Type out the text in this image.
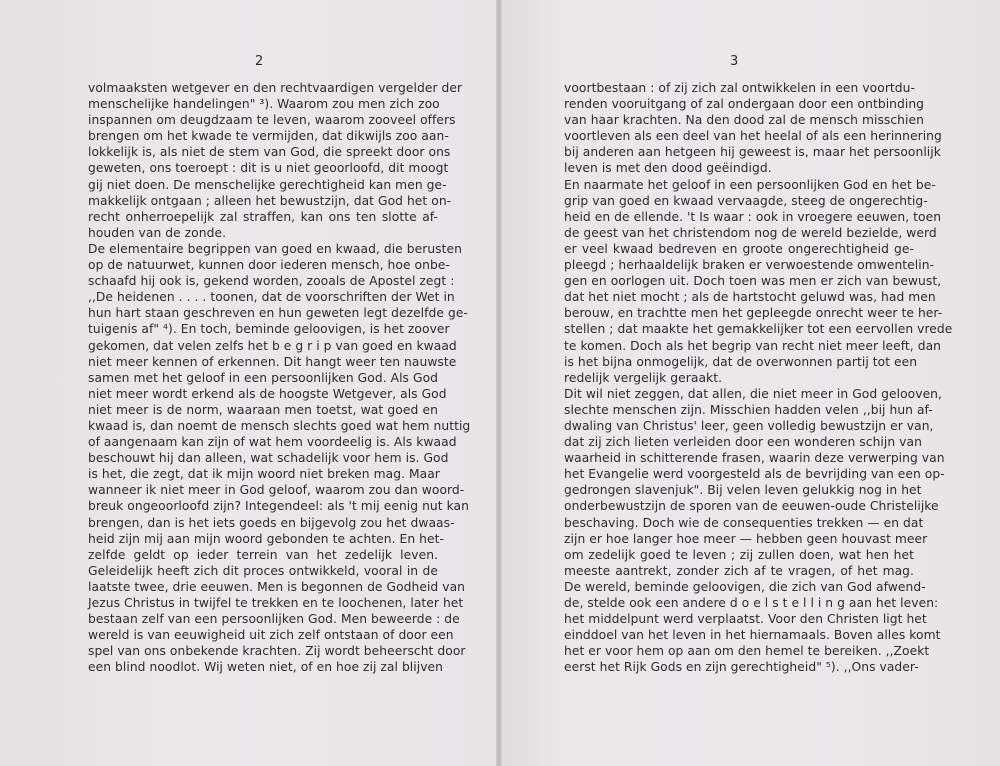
2
volmaaksten wetgever en den rechtvaardigen vergelder der
menschelijke handelingen" ³). Waarom zou men zich zoo
inspannen om deugdzaam te leven, waarom zooveel offers
brengen om het kwade te vermijden, dat dikwijls zoo aan-
lokkelijk is, als niet de stem van God, die spreekt door ons
geweten, ons toeroept : dit is u niet geoorloofd, dit moogt
gij niet doen. De menschelijke gerechtigheid kan men ge-
makkelijk ontgaan ; alleen het bewustzijn, dat God het on-
recht onherroepelijk zal straffen, kan ons ten slotte af-
houden van de zonde.
De elementaire begrippen van goed en kwaad, die berusten
op de natuurwet, kunnen door iederen mensch, hoe onbe-
schaafd hij ook is, gekend worden, zooals de Apostel zegt :
,,De heidenen . . . . toonen, dat de voorschriften der Wet in
hun hart staan geschreven en hun geweten legt dezelfde ge-
tuigenis af" ⁴). En toch, beminde geloovigen, is het zoover
gekomen, dat velen zelfs het b e g r i p van goed en kwaad
niet meer kennen of erkennen. Dit hangt weer ten nauwste
samen met het geloof in een persoonlijken God. Als God
niet meer wordt erkend als de hoogste Wetgever, als God
niet meer is de norm, waaraan men toetst, wat goed en
kwaad is, dan noemt de mensch slechts goed wat hem nuttig
of aangenaam kan zijn of wat hem voordeelig is. Als kwaad
beschouwt hij dan alleen, wat schadelijk voor hem is. God
is het, die zegt, dat ik mijn woord niet breken mag. Maar
wanneer ik niet meer in God geloof, waarom zou dan woord-
breuk ongeoorloofd zijn? Integendeel: als 't mij eenig nut kan
brengen, dan is het iets goeds en bijgevolg zou het dwaas-
heid zijn mij aan mijn woord gebonden te achten. En het-
zelfde geldt op ieder terrein van het zedelijk leven.
Geleidelijk heeft zich dit proces ontwikkeld, vooral in de
laatste twee, drie eeuwen. Men is begonnen de Godheid van
Jezus Christus in twijfel te trekken en te loochenen, later het
bestaan zelf van een persoonlijken God. Men beweerde : de
wereld is van eeuwigheid uit zich zelf ontstaan of door een
spel van ons onbekende krachten. Zij wordt beheerscht door
een blind noodlot. Wij weten niet, of en hoe zij zal blijven
3
voortbestaan : of zij zich zal ontwikkelen in een voortdu-
renden vooruitgang of zal ondergaan door een ontbinding
van haar krachten. Na den dood zal de mensch misschien
voortleven als een deel van het heelal of als een herinnering
bij anderen aan hetgeen hij geweest is, maar het persoonlijk
leven is met den dood geëindigd.
En naarmate het geloof in een persoonlijken God en het be-
grip van goed en kwaad vervaagde, steeg de ongerechtig-
heid en de ellende. 't Is waar : ook in vroegere eeuwen, toen
de geest van het christendom nog de wereld bezielde, werd
er veel kwaad bedreven en groote ongerechtigheid ge-
pleegd ; herhaaldelijk braken er verwoestende omwentelin-
gen en oorlogen uit. Doch toen was men er zich van bewust,
dat het niet mocht ; als de hartstocht geluwd was, had men
berouw, en trachtte men het gepleegde onrecht weer te her-
stellen ; dat maakte het gemakkelijker tot een eervollen vrede
te komen. Doch als het begrip van recht niet meer leeft, dan
is het bijna onmogelijk, dat de overwonnen partij tot een
redelijk vergelijk geraakt.
Dit wil niet zeggen, dat allen, die niet meer in God gelooven,
slechte menschen zijn. Misschien hadden velen ,,bij hun af-
dwaling van Christus' leer, geen volledig bewustzijn er van,
dat zij zich lieten verleiden door een wonderen schijn van
waarheid in schitterende frasen, waarin deze verwerping van
het Evangelie werd voorgesteld als de bevrijding van een op-
gedrongen slavenjuk". Bij velen leven gelukkig nog in het
onderbewustzijn de sporen van de eeuwen-oude Christelijke
beschaving. Doch wie de consequenties trekken — en dat
zijn er hoe langer hoe meer — hebben geen houvast meer
om zedelijk goed te leven ; zij zullen doen, wat hen het
meeste aantrekt, zonder zich af te vragen, of het mag.
De wereld, beminde geloovigen, die zich van God afwend-
de, stelde ook een andere d o e l s t e l l i n g aan het leven:
het middelpunt werd verplaatst. Voor den Christen ligt het
einddoel van het leven in het hiernamaals. Boven alles komt
het er voor hem op aan om den hemel te bereiken. ,,Zoekt
eerst het Rijk Gods en zijn gerechtigheid" ⁵). ,,Ons vader-
